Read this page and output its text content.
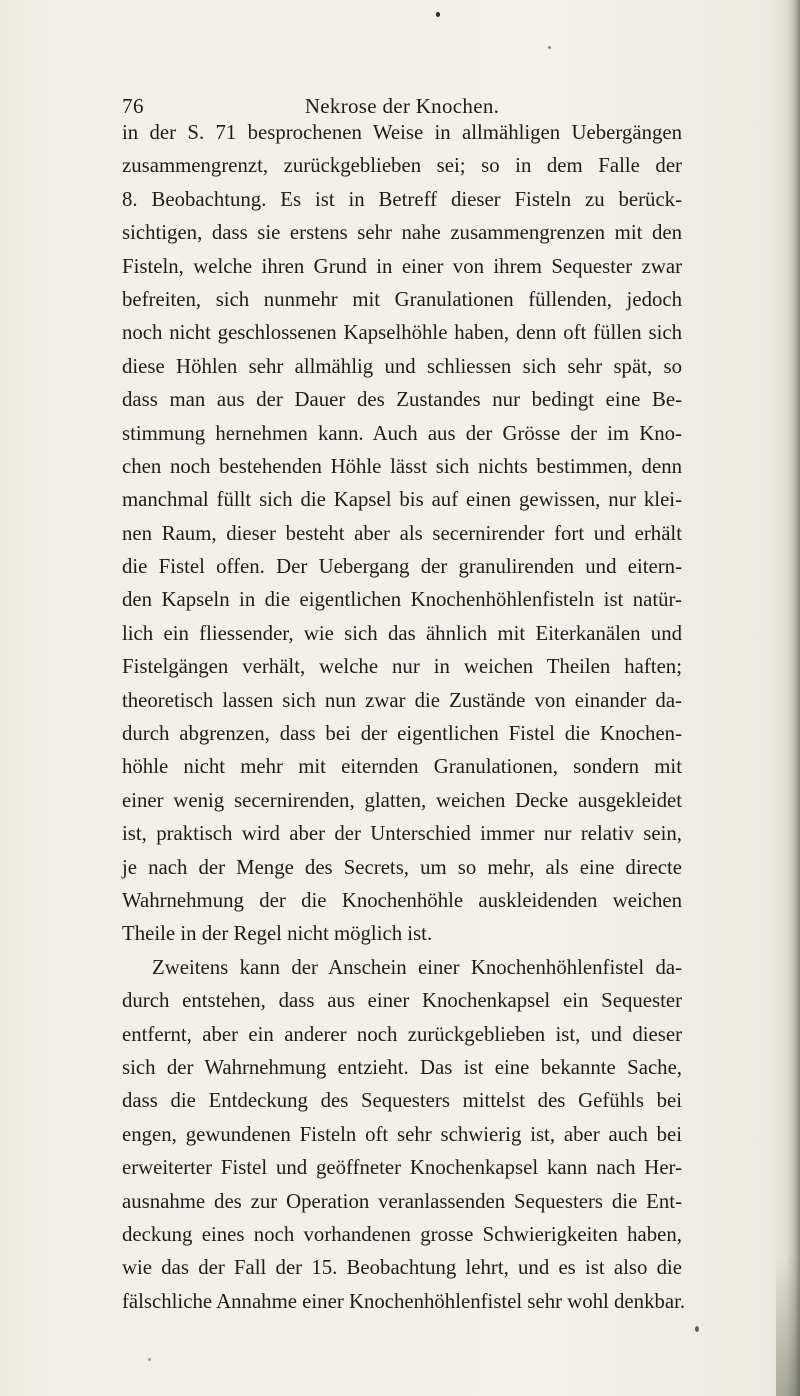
76	Nekrose der Knochen.
in der S. 71 besprochenen Weise in allmähligen Uebergängen
zusammengrenzt, zurückgeblieben sei; so in dem Falle der
8. Beobachtung. Es ist in Betreff dieser Fisteln zu berück-
sichtigen, dass sie erstens sehr nahe zusammengrenzen mit den
Fisteln, welche ihren Grund in einer von ihrem Sequester zwar
befreiten, sich nunmehr mit Granulationen füllenden, jedoch
noch nicht geschlossenen Kapselhöhle haben, denn oft füllen sich
diese Höhlen sehr allmählig und schliessen sich sehr spät, so
dass man aus der Dauer des Zustandes nur bedingt eine Be-
stimmung hernehmen kann. Auch aus der Grösse der im Kno-
chen noch bestehenden Höhle lässt sich nichts bestimmen, denn
manchmal füllt sich die Kapsel bis auf einen gewissen, nur klei-
nen Raum, dieser besteht aber als secernirender fort und erhält
die Fistel offen. Der Uebergang der granulirenden und eitern-
den Kapseln in die eigentlichen Knochenhöhlenfisteln ist natür-
lich ein fliessender, wie sich das ähnlich mit Eiterkanälen und
Fistelgängen verhält, welche nur in weichen Theilen haften;
theoretisch lassen sich nun zwar die Zustände von einander da-
durch abgrenzen, dass bei der eigentlichen Fistel die Knochen-
höhle nicht mehr mit eiternden Granulationen, sondern mit
einer wenig secernirenden, glatten, weichen Decke ausgekleidet
ist, praktisch wird aber der Unterschied immer nur relativ sein,
je nach der Menge des Secrets, um so mehr, als eine directe
Wahrnehmung der die Knochenhöhle auskleidenden weichen
Theile in der Regel nicht möglich ist.
Zweitens kann der Anschein einer Knochenhöhlenfistel da-
durch entstehen, dass aus einer Knochenkapsel ein Sequester
entfernt, aber ein anderer noch zurückgeblieben ist, und dieser
sich der Wahrnehmung entzieht. Das ist eine bekannte Sache,
dass die Entdeckung des Sequesters mittelst des Gefühls bei
engen, gewundenen Fisteln oft sehr schwierig ist, aber auch bei
erweiterter Fistel und geöffneter Knochenkapsel kann nach Her-
ausnahme des zur Operation veranlassenden Sequesters die Ent-
deckung eines noch vorhandenen grosse Schwierigkeiten haben,
wie das der Fall der 15. Beobachtung lehrt, und es ist also die
fälschliche Annahme einer Knochenhöhlenfistel sehr wohl denkbar.
